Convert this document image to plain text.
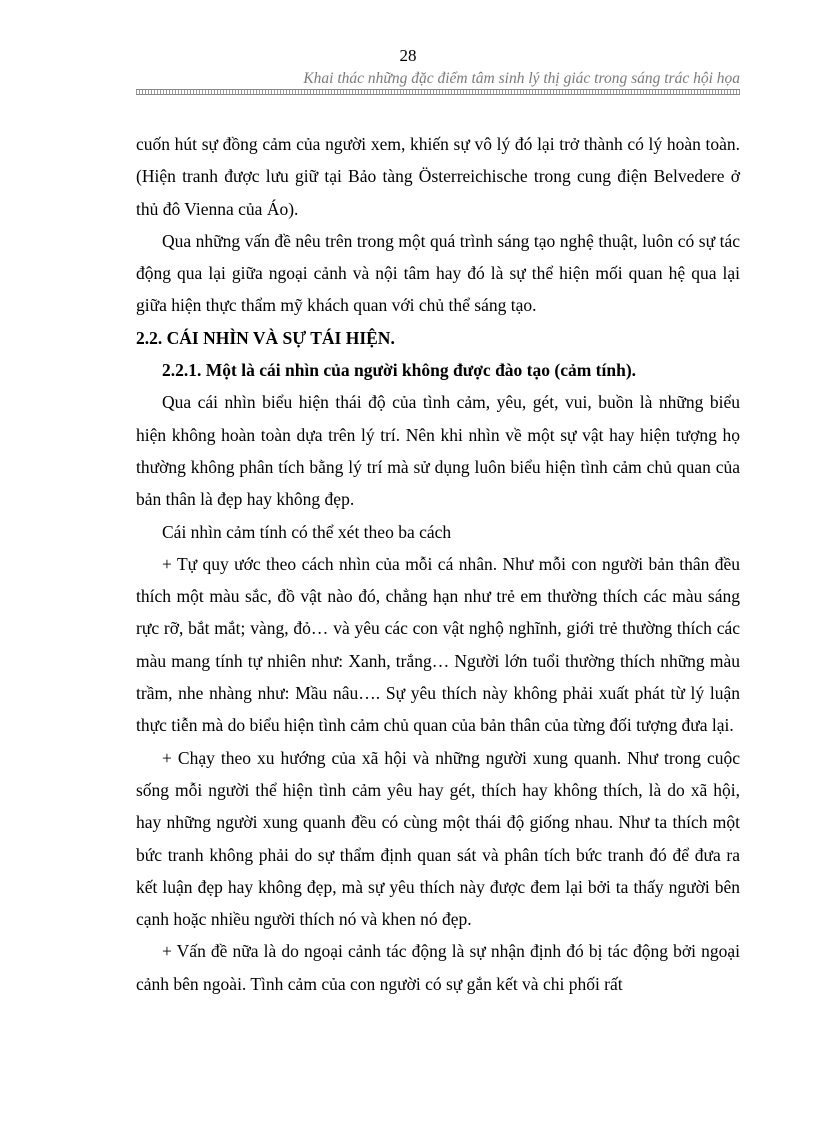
28
Khai thác những đặc điểm tâm sinh lý thị giác trong sáng trác hội họa

cuốn hút sự đồng cảm của người xem, khiến sự vô lý đó lại trở thành có lý hoàn toàn. (Hiện tranh được lưu giữ tại Bảo tàng Österreichische trong cung điện Belvedere ở thủ đô Vienna của Áo).

Qua những vấn đề nêu trên trong một quá trình sáng tạo nghệ thuật, luôn có sự tác động qua lại giữa ngoại cảnh và nội tâm hay đó là sự thể hiện mối quan hệ qua lại giữa hiện thực thẩm mỹ khách quan với chủ thể sáng tạo.

2.2. CÁI NHÌN VÀ SỰ TÁI HIỆN.

2.2.1. Một là cái nhìn của người không được đào tạo (cảm tính).

Qua cái nhìn biểu hiện thái độ của tình cảm, yêu, gét, vui, buồn là những biểu hiện không hoàn toàn dựa trên lý trí. Nên khi nhìn về một sự vật hay hiện tượng họ thường không phân tích bằng lý trí mà sử dụng luôn biểu hiện tình cảm chủ quan của bản thân là đẹp hay không đẹp.

Cái nhìn cảm tính có thể xét theo ba cách

+ Tự quy ước theo cách nhìn của mỗi cá nhân. Như mỗi con người bản thân đều thích một màu sắc, đồ vật nào đó, chẳng hạn như trẻ em thường thích các màu sáng rực rỡ, bắt mắt; vàng, đỏ… và yêu các con vật nghộ nghĩnh, giới trẻ thường thích các màu mang tính tự nhiên như: Xanh, trắng… Người lớn tuổi thường thích những màu trầm, nhe nhàng như: Mầu nâu…. Sự yêu thích này không phải xuất phát từ lý luận thực tiễn mà do biểu hiện tình cảm chủ quan của bản thân của từng đối tượng đưa lại.

+ Chạy theo xu hướng của xã hội và những người xung quanh. Như trong cuộc sống mỗi người thể hiện tình cảm yêu hay gét, thích hay không thích, là do xã hội, hay những người xung quanh đều có cùng một thái độ giống nhau. Như ta thích một bức tranh không phải do sự thẩm định quan sát và phân tích bức tranh đó để đưa ra kết luận đẹp hay không đẹp, mà sự yêu thích này được đem lại bởi ta thấy người bên cạnh hoặc nhiều người thích nó và khen nó đẹp.

+ Vấn đề nữa là do ngoại cảnh tác động là sự nhận định đó bị tác động bởi ngoại cảnh bên ngoài. Tình cảm của con người có sự gắn kết và chi phối rất
